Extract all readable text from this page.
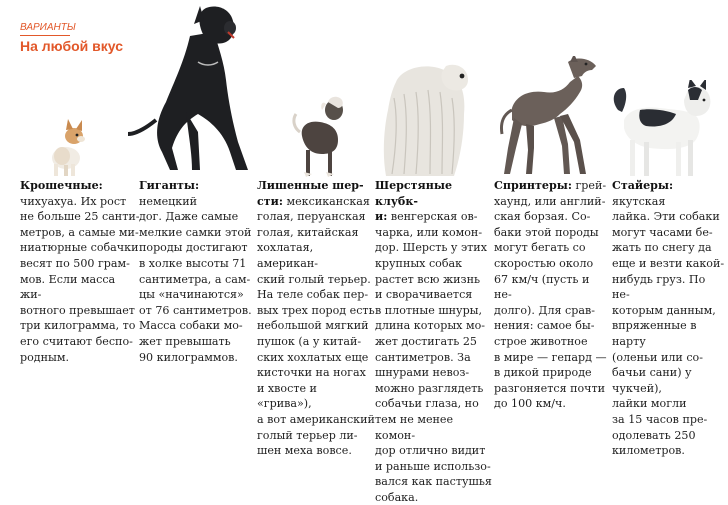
ВАРИАНТЫ
На любой вкус
Крошечные:
чихуахуа. Их рост
не больше 25 санти-
метров, а самые ми-
ниатюрные собачки
весят по 500 грам-
мов. Если масса жи-
вотного превышает
три килограмма, то
его считают беспо-
родным.
Гиганты: немецкий
дог. Даже самые
мелкие самки этой
породы достигают
в холке высоты 71
сантиметра, а сам-
цы «начинаются»
от 76 сантиметров.
Масса собаки мо-
жет превышать
90 килограммов.
Лишенные шер-
сти: мексиканская
голая, перуанская
голая, китайская
хохлатая, американ-
ский голый терьер.
На теле собак пер-
вых трех пород есть
небольшой мягкий
пушок (а у китай-
ских хохлатых еще
кисточки на ногах
и хвосте и «грива»),
а вот американский
голый терьер ли-
шен меха вовсе.
Шерстяные клубк-
и: венгерская ов-
чарка, или комон-
дор. Шерсть у этих
крупных собак
растет всю жизнь
и сворачивается
в плотные шнуры,
длина которых мо-
жет достигать 25
сантиметров. За
шнурами невоз-
можно разглядеть
собачьи глаза, но
тем не менее комон-
дор отлично видит
и раньше использо-
вался как пастушья
собака.
Спринтеры: грей-
хаунд, или англий-
ская борзая. Со-
баки этой породы
могут бегать со
скоростью около
67 км/ч (пусть и не-
долго). Для срав-
нения: самое бы-
строе животное
в мире — гепард —
в дикой природе
разгоняется почти
до 100 км/ч.
Стайеры: якутская
лайка. Эти собаки
могут часами бе-
жать по снегу да
еще и везти какой-
нибудь груз. По не-
которым данным,
впряженные в нарту
(оленьи или со-
бачьи сани) у чукчей),
лайки могли
за 15 часов пре-
одолевать 250
километров.
